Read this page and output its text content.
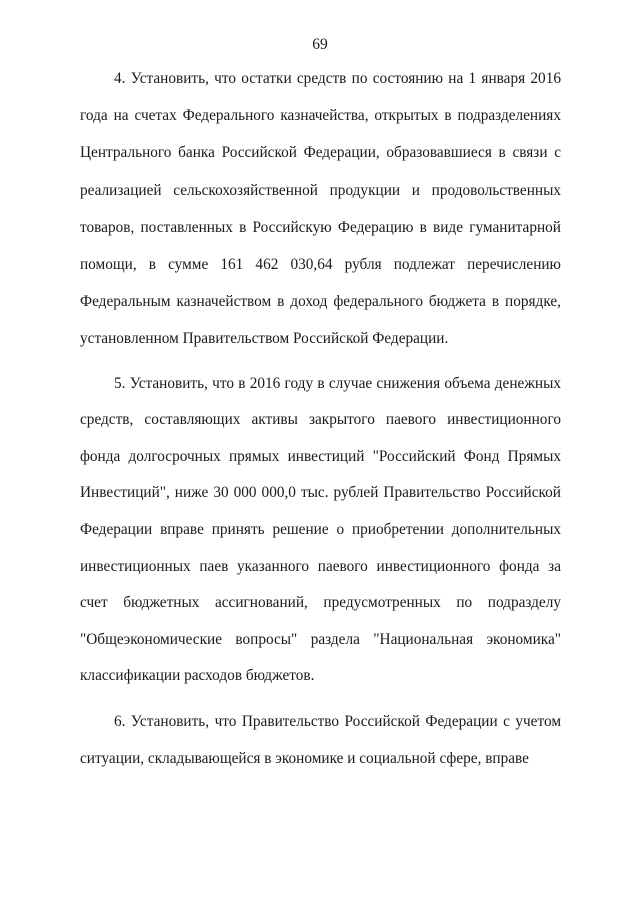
69

4. Установить, что остатки средств по состоянию на 1 января 2016 года на счетах Федерального казначейства, открытых в подразделениях Центрального банка Российской Федерации, образовавшиеся в связи с реализацией сельскохозяйственной продукции и продовольственных товаров, поставленных в Российскую Федерацию в виде гуманитарной помощи, в сумме 161 462 030,64 рубля подлежат перечислению Федеральным казначейством в доход федерального бюджета в порядке, установленном Правительством Российской Федерации.

5. Установить, что в 2016 году в случае снижения объема денежных средств, составляющих активы закрытого паевого инвестиционного фонда долгосрочных прямых инвестиций "Российский Фонд Прямых Инвестиций", ниже 30 000 000,0 тыс. рублей Правительство Российской Федерации вправе принять решение о приобретении дополнительных инвестиционных паев указанного паевого инвестиционного фонда за счет бюджетных ассигнований, предусмотренных по подразделу "Общеэкономические вопросы" раздела "Национальная экономика" классификации расходов бюджетов.

6. Установить, что Правительство Российской Федерации с учетом ситуации, складывающейся в экономике и социальной сфере, вправе
